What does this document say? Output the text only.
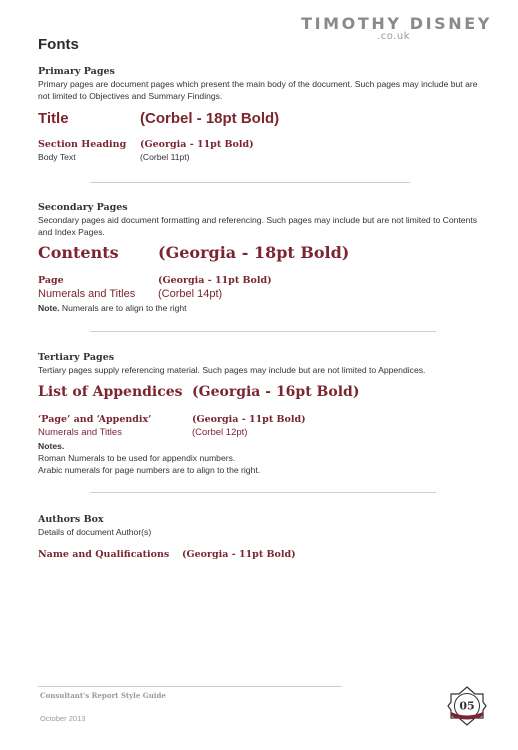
TIMOTHY DISNEY
.co.uk
Fonts
Primary Pages
Primary pages are document pages which present the main body of the document. Such pages may include but are not limited to Objectives and Summary Findings.
Title	(Corbel - 18pt Bold)
Section Heading (Georgia - 11pt Bold)
Body Text	(Corbel 11pt)
Secondary Pages
Secondary pages aid document formatting and referencing. Such pages may include but are not limited to Contents and Index Pages.
Contents (Georgia - 18pt Bold)
Page	(Georgia - 11pt Bold)
Numerals and Titles (Corbel 14pt)
Note. Numerals are to align to the right
Tertiary Pages
Tertiary pages supply referencing material. Such pages may include but are not limited to Appendices.
List of Appendices (Georgia - 16pt Bold)
‘Page’ and ‘Appendix’	(Georgia - 11pt Bold)
Numerals and Titles	(Corbel 12pt)
Notes.
Roman Numerals to be used for appendix numbers.
Arabic numerals for page numbers are to align to the right.
Authors Box
Details of document Author(s)
Name and Qualifications (Georgia - 11pt Bold)
Consultant's Report Style Guide
October 2013
05
